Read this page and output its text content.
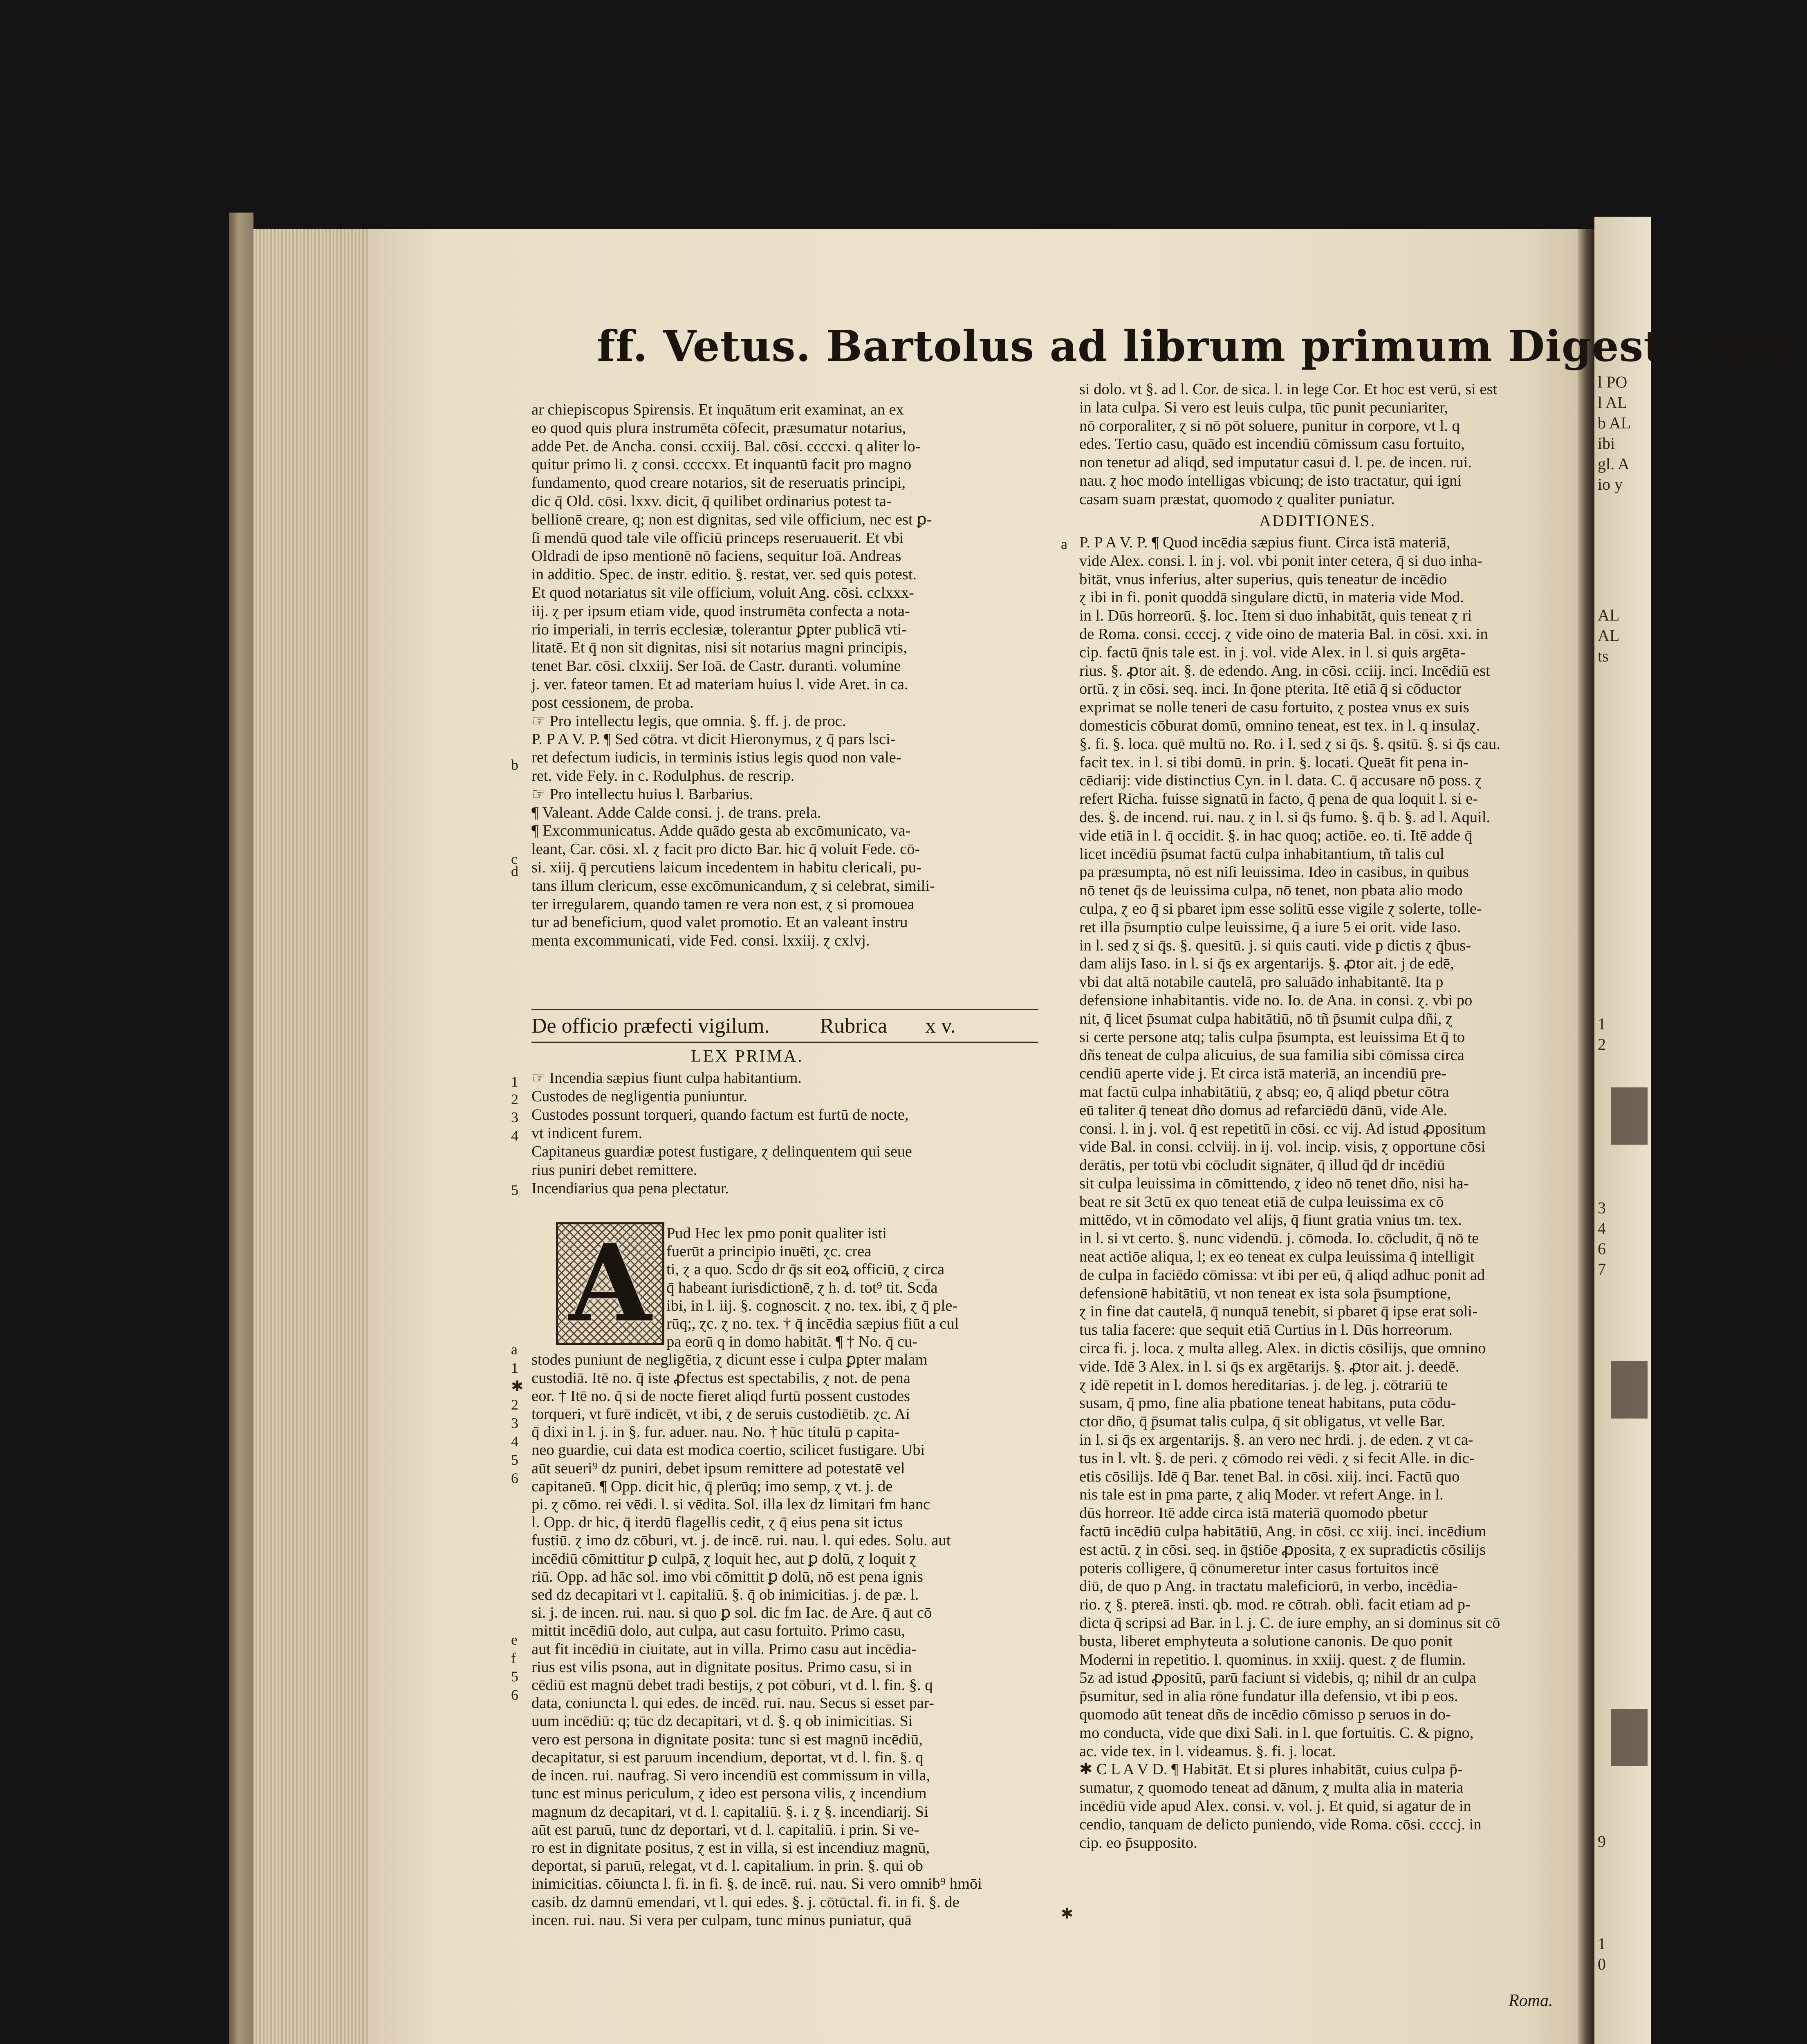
l PO
l AL
b AL
ibi
gl. A
io y
AL
AL
ts
1
2
3
4
6
7
9
1
0
ff. Vetus. Bartolus ad librum primum Digestorum.
ar chiepiscopus Spirensis. Et inquātum erit examinat, an ex
eo quod quis plura instrumēta cōfecit, præsumatur notarius,
adde Pet. de Ancha. consi. ccxiij. Bal. cōsi. ccccxi. q aliter lo-
quitur primo li. ɀ consi. ccccxx. Et inquantū facit pro magno
fundamento, quod creare notarios, sit de reseruatis principi,
dic q̄ Old. cōsi. lxxv. dicit, q̄ quilibet ordinarius potest ta-
bellionē creare, q; non est dignitas, sed vile officium, nec est ꝑ-
ſi mendū quod tale vile officiū princeps reseruauerit. Et vbi
Oldradi de ipso mentionē nō faciens, sequitur Ioā. Andreas
in additio. Spec. de instr. editio. §. restat, ver. sed quis potest.
Et quod notariatus sit vile officium, voluit Ang. cōsi. cclxxx-
iij. ɀ per ipsum etiam vide, quod instrumēta confecta a nota-
rio imperiali, in terris ecclesiæ, tolerantur ꝑpter publicā vti-
litatē. Et q̄ non sit dignitas, nisi sit notarius magni principis,
tenet Bar. cōsi. clxxiij. Ser Ioā. de Castr. duranti. volumine
j. ver. fateor tamen. Et ad materiam huius l. vide Aret. in ca.
post cessionem, de proba.
☞ Pro intellectu legis, que omnia. §. ff. j. de proc.
P. P A V. P. ¶ Sed cōtra. vt dicit Hieronymus, ɀ q̄ pars lsci-
ret defectum iudicis, in terminis istius legis quod non vale-
ret. vide Fely. in c. Rodulphus. de rescrip.
☞ Pro intellectu huius l. Barbarius.
¶ Valeant. Adde Calde consi. j. de trans. prela.
¶ Excommunicatus. Adde quādo gesta ab excōmunicato, va-
leant, Car. cōsi. xl. ɀ facit pro dicto Bar. hic q̄ voluit Fede. cō-
si. xiij. q̄ percutiens laicum incedentem in habitu clericali, pu-
tans illum clericum, esse excōmunicandum, ɀ si celebrat, simili-
ter irregularem, quando tamen re vera non est, ɀ si promouea
tur ad beneficium, quod valet promotio. Et an valeant instru
menta excommunicati, vide Fed. consi. lxxiij. ɀ cxlvj.
De officio præfecti vigilum. Rubrica x v.
LEX PRIMA.
☞ Incendia sæpius fiunt culpa habitantium.
Custodes de negligentia puniuntur.
Custodes possunt torqueri, quando factum est furtū de nocte,
vt indicent furem.
Capitaneus guardiæ potest fustigare, ɀ delinquentem qui seue
rius puniri debet remittere.
Incendiarius qua pena plectatur.
Pud Hec lex pmo ponit qualiter isti
fuerūt a principio inuēti, ɀc. crea
ti, ɀ a quo. Scd̄o dr q̄s sit eoꝝ officiū, ɀ circa
q̄ habeant iurisdictionē, ɀ h. d. tot⁹ tit. Scd̄a
ibi, in l. iij. §. cognoscit. ɀ no. tex. ibi, ɀ q̄ ple-
rūq;, ɀc. ɀ no. tex. † q̄ incēdia sæpius fiūt a cul
pa eorū q in domo habitāt. ¶ † No. q̄ cu-
stodes puniunt de negligētia, ɀ dicunt esse i culpa ꝑpter malam
custodiā. Itē no. q̄ iste ꝓfectus est spectabilis, ɀ not. de pena
eor. † Itē no. q̄ si de nocte fieret aliqd furtū possent custodes
torqueri, vt furē indicēt, vt ibi, ɀ de seruis custodiētib. ɀc. Ai
q̄ dixi in l. j. in §. fur. aduer. nau. No. † hūc titulū p capita-
neo guardie, cui data est modica coertio, scilicet fustigare. Ubi
aūt seueri⁹ dz puniri, debet ipsum remittere ad potestatē vel
capitaneū. ¶ Opp. dicit hic, q̄ plerūq; imo semp, ɀ vt. j. de
pi. ɀ cōmo. rei vēdi. l. si vēdita. Sol. illa lex dz limitari fm hanc
l. Opp. dr hic, q̄ iterdū flagellis cedit, ɀ q̄ eius pena sit ictus
fustiū. ɀ imo dz cōburi, vt. j. de incē. rui. nau. l. qui edes. Solu. aut
incēdiū cōmittitur ꝑ culpā, ɀ loquit hec, aut ꝑ dolū, ɀ loquit ɀ
riū. Opp. ad hāc sol. imo vbi cōmittit ꝑ dolū, nō est pena ignis
sed dz decapitari vt l. capitaliū. §. q̄ ob inimicitias. j. de pæ. l.
si. j. de incen. rui. nau. si quo ꝑ sol. dic fm Iac. de Are. q̄ aut cō
mittit incēdiū dolo, aut culpa, aut casu fortuito. Primo casu,
aut fit incēdiū in ciuitate, aut in villa. Primo casu aut incēdia-
rius est vilis psona, aut in dignitate positus. Primo casu, si in
cēdiū est magnū debet tradi bestijs, ɀ pot cōburi, vt d. l. fin. §. q
data, coniuncta l. qui edes. de incēd. rui. nau. Secus si esset par-
uum incēdiū: q; tūc dz decapitari, vt d. §. q ob inimicitias. Si
vero est persona in dignitate posita: tunc si est magnū incēdiū,
decapitatur, si est paruum incendium, deportat, vt d. l. fin. §. q
de incen. rui. naufrag. Si vero incendiū est commissum in villa,
tunc est minus periculum, ɀ ideo est persona vilis, ɀ incendium
magnum dz decapitari, vt d. l. capitaliū. §. i. ɀ §. incendiarij. Si
aūt est paruū, tunc dz deportari, vt d. l. capitaliū. i prin. Si ve-
ro est in dignitate positus, ɀ est in villa, si est incendiuz magnū,
deportat, si paruū, relegat, vt d. l. capitalium. in prin. §. qui ob
inimicitias. cōiuncta l. fi. in fi. §. de incē. rui. nau. Si vero omnib⁹ hmōi
casib. dz damnū emendari, vt l. qui edes. §. j. cōtūctal. fi. in fi. §. de
incen. rui. nau. Si vera per culpam, tunc minus puniatur, quā
A
si dolo. vt §. ad l. Cor. de sica. l. in lege Cor. Et hoc est verū, si est
in lata culpa. Si vero est leuis culpa, tūc punit pecuniariter,
nō corporaliter, ɀ si nō pōt soluere, punitur in corpore, vt l. q
edes. Tertio casu, quādo est incendiū cōmissum casu fortuito,
non tenetur ad aliqd, sed imputatur casui d. l. pe. de incen. rui.
nau. ɀ hoc modo intelligas vbicunq; de isto tractatur, qui igni
casam suam præstat, quomodo ɀ qualiter puniatur.
ADDITIONES.
P. P A V. P. ¶ Quod incēdia sæpius fiunt. Circa istā materiā,
vide Alex. consi. l. in j. vol. vbi ponit inter cetera, q̄ si duo inha-
bitāt, vnus inferius, alter superius, quis teneatur de incēdio
ɀ ibi in fi. ponit quoddā singulare dictū, in materia vide Mod.
in l. Dūs horreorū. §. loc. Item si duo inhabitāt, quis teneat ɀ ri
de Roma. consi. ccccj. ɀ vide oino de materia Bal. in cōsi. xxi. in
cip. factū q̄nis tale est. in j. vol. vide Alex. in l. si quis argēta-
rius. §. ꝓtor ait. §. de edendo. Ang. in cōsi. cciij. inci. Incēdiū est
ortū. ɀ in cōsi. seq. inci. In q̄one pterita. Itē etiā q̄ si cōductor
exprimat se nolle teneri de casu fortuito, ɀ postea vnus ex suis
domesticis cōburat domū, omnino teneat, est tex. in l. q insulaɀ.
§. fi. §. loca. quē multū no. Ro. i l. sed ɀ si q̄s. §. qsitū. §. si q̄s cau.
facit tex. in l. si tibi domū. in prin. §. locati. Queāt fit pena in-
cēdiarij: vide distinctius Cyn. in l. data. C. q̄ accusare nō poss. ɀ
refert Richa. fuisse signatū in facto, q̄ pena de qua loquit l. si e-
des. §. de incend. rui. nau. ɀ in l. si q̄s fumo. §. q̄ b. §. ad l. Aquil.
vide etiā in l. q̄ occidit. §. in hac quoq; actiōe. eo. ti. Itē adde q̄
licet incēdiū p̄sumat factū culpa inhabitantium, tñ talis cul
pa præsumpta, nō est niſi leuissima. Ideo in casibus, in quibus
nō tenet q̄s de leuissima culpa, nō tenet, non pbata alio modo
culpa, ɀ eo q̄ si pbaret ipm esse solitū esse vigile ɀ solerte, tolle-
ret illa p̄sumptio culpe leuissime, q̄ a iure 5 ei orit. vide Iaso.
in l. sed ɀ si q̄s. §. quesitū. j. si quis cauti. vide p dictis ɀ q̄bus-
dam alijs Iaso. in l. si q̄s ex argentarijs. §. ꝓtor ait. j de edē,
vbi dat altā notabile cautelā, pro saluādo inhabitantē. Ita p
defensione inhabitantis. vide no. Io. de Ana. in consi. ɀ. vbi po
nit, q̄ licet p̄sumat culpa habitātiū, nō tñ p̄sumit culpa dñi, ɀ
si certe persone atq; talis culpa p̄sumpta, est leuissima Et q̄ to
dñs teneat de culpa alicuius, de sua familia sibi cōmissa circa
cendiū aperte vide j. Et circa istā materiā, an incendiū pre-
mat factū culpa inhabitātiū, ɀ absq; eo, q̄ aliqd pbetur cōtra
eū taliter q̄ teneat dño domus ad refarciēdū dānū, vide Ale.
consi. l. in j. vol. q̄ est repetitū in cōsi. cc vij. Ad istud ꝓpositum
vide Bal. in consi. cclviij. in ij. vol. incip. visis, ɀ opportune cōsi
derātis, per totū vbi cōcludit signāter, q̄ illud q̄d dr incēdiū
sit culpa leuissima in cōmittendo, ɀ ideo nō tenet dño, nisi ha-
beat re sit 3ctū ex quo teneat etiā de culpa leuissima ex cō
mittēdo, vt in cōmodato vel alijs, q̄ fiunt gratia vnius tm. tex.
in l. si vt certo. §. nunc videndū. j. cōmoda. Io. cōcludit, q̄ nō te
neat actiōe aliqua, l; ex eo teneat ex culpa leuissima q̄ intelligit
de culpa in faciēdo cōmissa: vt ibi per eū, q̄ aliqd adhuc ponit ad
defensionē habitātiū, vt non teneat ex ista sola p̄sumptione,
ɀ in fine dat cautelā, q̄ nunquā tenebit, si pbaret q̄ ipse erat soli-
tus talia facere: que sequit etiā Curtius in l. Dūs horreorum.
circa fi. j. loca. ɀ multa alleg. Alex. in dictis cōsilijs, que omnino
vide. Idē 3 Alex. in l. si q̄s ex argētarijs. §. ꝓtor ait. j. deedē.
ɀ idē repetit in l. domos hereditarias. j. de leg. j. cōtrariū te
susam, q̄ pmo, fine alia pbatione teneat habitans, puta cōdu-
ctor dño, q̄ p̄sumat talis culpa, q̄ sit obligatus, vt velle Bar.
in l. si q̄s ex argentarijs. §. an vero nec hrdi. j. de eden. ɀ vt ca-
tus in l. vlt. §. de peri. ɀ cōmodo rei vēdi. ɀ si fecit Alle. in dic-
etis cōsilijs. Idē q̄ Bar. tenet Bal. in cōsi. xiij. inci. Factū quo
nis tale est in pma parte, ɀ aliq Moder. vt refert Ange. in l.
dūs horreor. Itē adde circa istā materiā quomodo pbetur
factū incēdiū culpa habitātiū, Ang. in cōsi. cc xiij. inci. incēdium
est actū. ɀ in cōsi. seq. in q̄stiōe ꝓposita, ɀ ex supradictis cōsilijs
poteris colligere, q̄ cōnumeretur inter casus fortuitos incē
diū, de quo p Ang. in tractatu maleficiorū, in verbo, incēdia-
rio. ɀ §. ptereā. insti. qb. mod. re cōtrah. obli. facit etiam ad p-
dicta q̄ scripsi ad Bar. in l. j. C. de iure emphy, an si dominus sit cō
busta, liberet emphyteuta a solutione canonis. De quo ponit
Moderni in repetitio. l. quominus. in xxiij. quest. ɀ de flumin.
5z ad istud ꝓpositū, parū faciunt si videbis, q; nihil dr an culpa
p̄sumitur, sed in alia rōne fundatur illa defensio, vt ibi p eos.
quomodo aūt teneat dñs de incēdio cōmisso p seruos in do-
mo conducta, vide que dixi Sali. in l. que fortuitis. C. & pigno,
ac. vide tex. in l. videamus. §. fi. j. locat.
✱ C L A V D. ¶ Habitāt. Et si plures inhabitāt, cuius culpa p̄-
sumatur, ɀ quomodo teneat ad dānum, ɀ multa alia in materia
incēdiū vide apud Alex. consi. v. vol. j. Et quid, si agatur de in
cendio, tanquam de delicto puniendo, vide Roma. cōsi. ccccj. in
cip. eo p̄supposito.
Roma.
b
c
d
1
2
3
4
5
a
1
✱
2
3
4
5
6
e
f
5
6
a
✱
